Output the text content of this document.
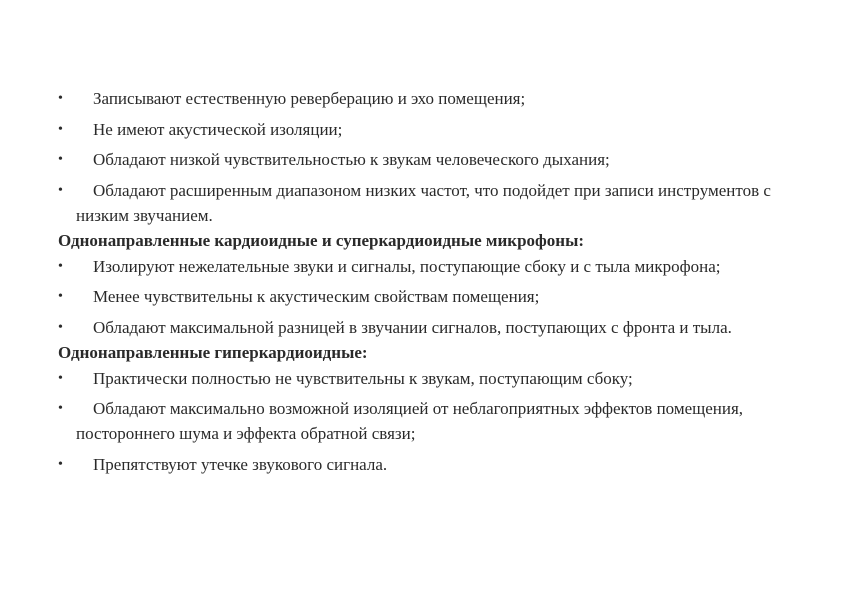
• Записывают естественную реверберацию и эхо помещения;
• Не имеют акустической изоляции;
• Обладают низкой чувствительностью к звукам человеческого дыхания;
• Обладают расширенным диапазоном низких частот, что подойдет при записи инструментов с низким звучанием.
Однонаправленные кардиоидные и суперкардиоидные микрофоны:
• Изолируют нежелательные звуки и сигналы, поступающие сбоку и с тыла микрофона;
• Менее чувствительны к акустическим свойствам помещения;
• Обладают максимальной разницей в звучании сигналов, поступающих с фронта и тыла.
Однонаправленные гиперкардиоидные:
• Практически полностью не чувствительны к звукам, поступающим сбоку;
• Обладают максимально возможной изоляцией от неблагоприятных эффектов помещения, постороннего шума и эффекта обратной связи;
• Препятствуют утечке звукового сигнала.
